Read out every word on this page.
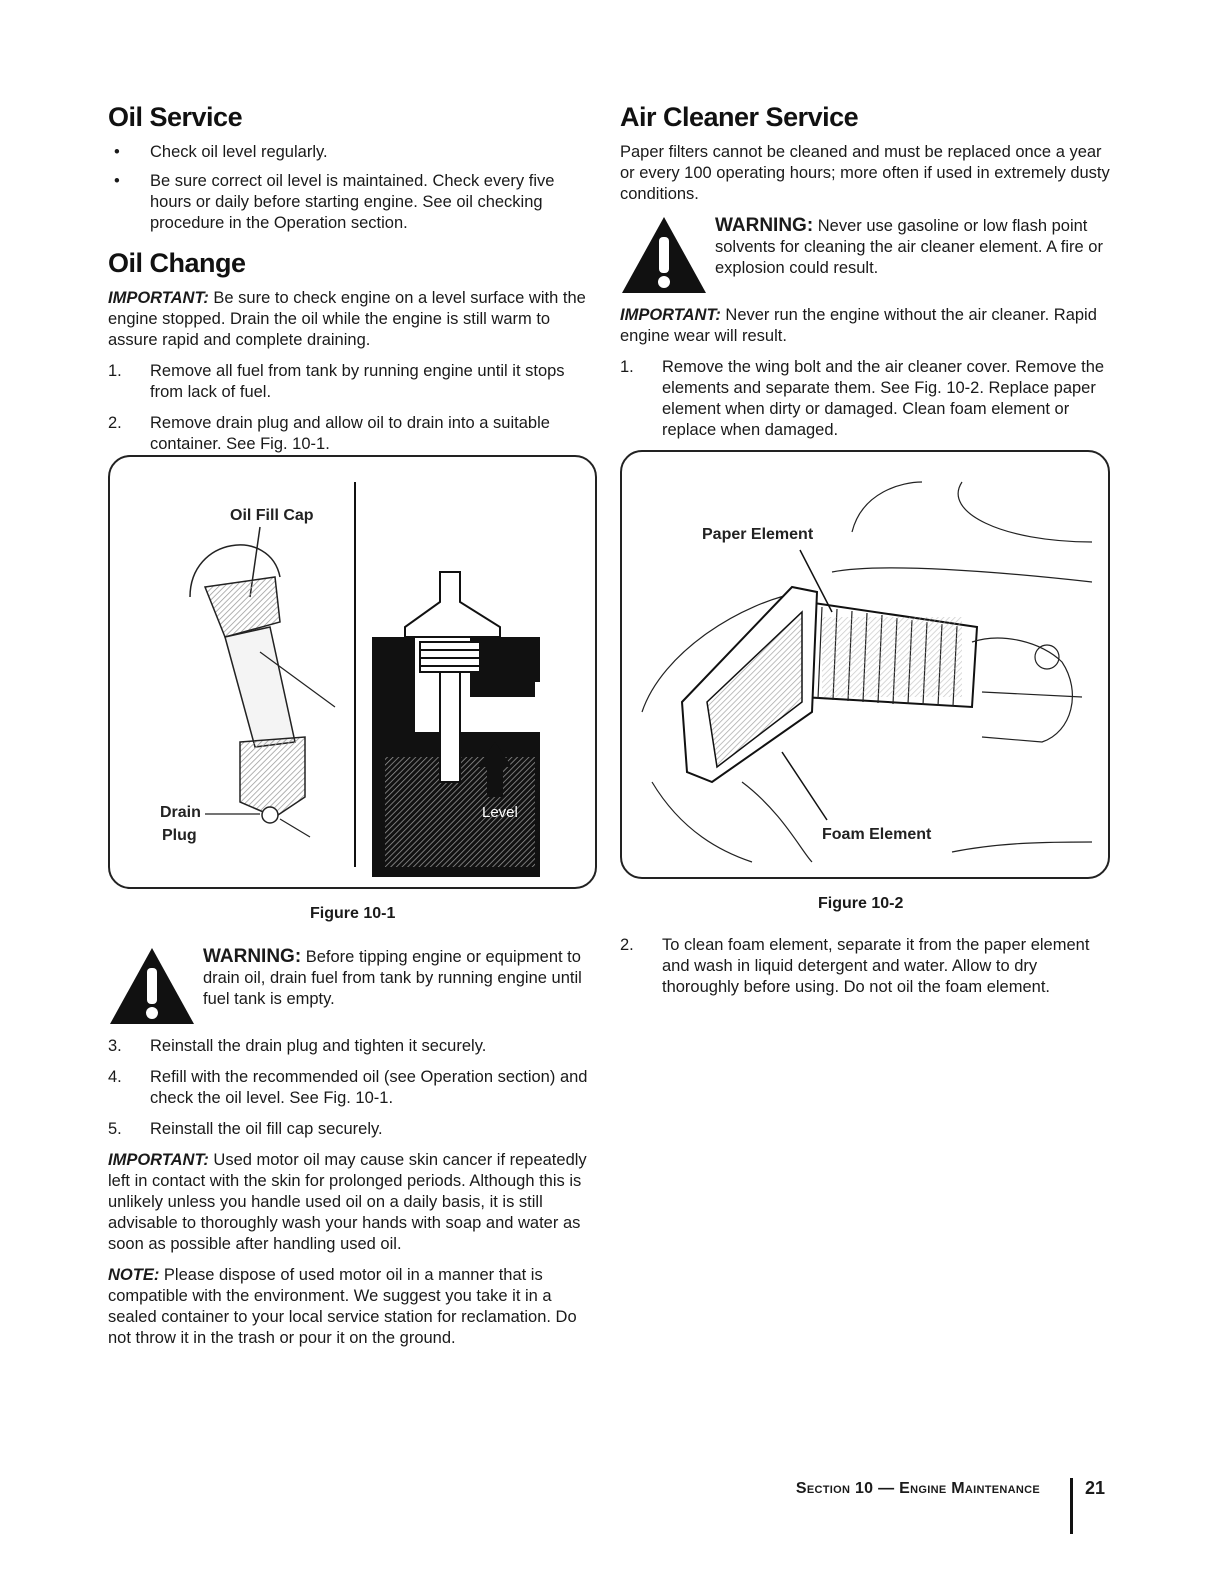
Oil Service
• Check oil level regularly.
• Be sure correct oil level is maintained. Check every five hours or daily before starting engine. See oil checking procedure in the Operation section.
Oil Change

IMPORTANT: Be sure to check engine on a level surface with the engine stopped. Drain the oil while the engine is still warm to assure rapid and complete draining.

1. Remove all fuel from tank by running engine until it stops from lack of fuel.
2. Remove drain plug and allow oil to drain into a suitable container. See Fig. 10-1.
Oil Fill Cap
Drain
Plug
Level
Figure 10-1
WARNING: Before tipping engine or equipment to drain oil, drain fuel from tank by running engine until fuel tank is empty.
3. Reinstall the drain plug and tighten it securely.
4. Refill with the recommended oil (see Operation section) and check the oil level. See Fig. 10-1.
5. Reinstall the oil fill cap securely.

IMPORTANT: Used motor oil may cause skin cancer if repeatedly left in contact with the skin for prolonged periods. Although this is unlikely unless you handle used oil on a daily basis, it is still advisable to thoroughly wash your hands with soap and water as soon as possible after handling used oil.

NOTE: Please dispose of used motor oil in a manner that is compatible with the environment. We suggest you take it in a sealed container to your local service station for reclamation. Do not throw it in the trash or pour it on the ground.

Air Cleaner Service

Paper filters cannot be cleaned and must be replaced once a year or every 100 operating hours; more often if used in extremely dusty conditions.

WARNING: Never use gasoline or low flash point solvents for cleaning the air cleaner element. A fire or explosion could result.

IMPORTANT: Never run the engine without the air cleaner. Rapid engine wear will result.

1. Remove the wing bolt and the air cleaner cover. Remove the elements and separate them. See Fig. 10-2. Replace paper element when dirty or damaged. Clean foam element or replace when damaged.
Paper Element
Foam Element
Figure 10-2
2. To clean foam element, separate it from the paper element and wash in liquid detergent and water. Allow to dry thoroughly before using. Do not oil the foam element.
Section 10 — Engine Maintenance	21
